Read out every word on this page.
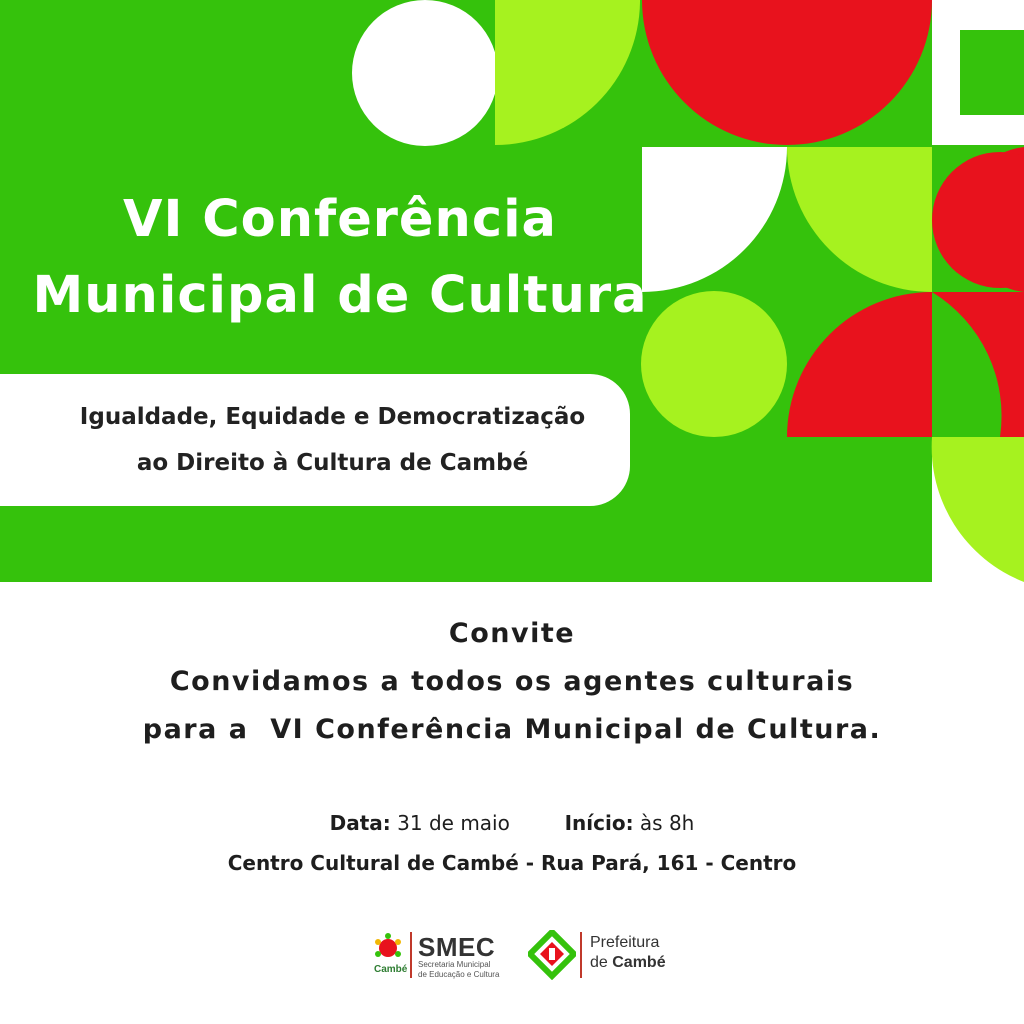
VI Conferência
Municipal de Cultura
Igualdade, Equidade e Democratização
ao Direito à Cultura de Cambé
Convite
Convidamos a todos os agentes culturais
para a  VI Conferência Municipal de Cultura.
Data: 31 de maio	Início: às 8h
Centro Cultural de Cambé - Rua Pará, 161 - Centro
Cambé
SMEC
Secretaria Municipal
de Educação e Cultura
Prefeitura
de Cambé
